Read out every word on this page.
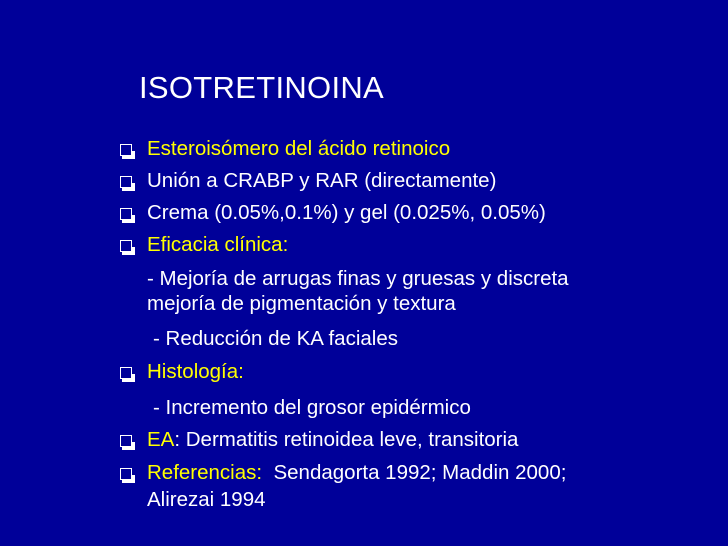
ISOTRETINOINA
Esteroisómero del ácido retinoico
Unión a CRABP y RAR (directamente)
Crema (0.05%,0.1%) y gel (0.025%, 0.05%)
Eficacia clínica:
- Mejoría de arrugas finas y gruesas y discreta
mejoría de pigmentación y textura
- Reducción de KA faciales
Histología:
- Incremento del grosor epidérmico
EA: Dermatitis retinoidea leve, transitoria
Referencias:  Sendagorta 1992; Maddin 2000;
Alirezai 1994
